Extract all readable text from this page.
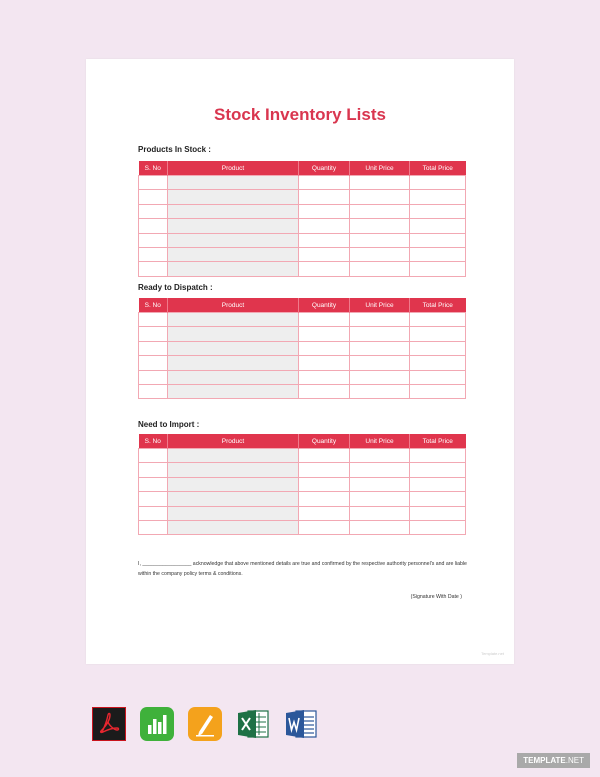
Stock Inventory Lists
Products In Stock :
S. No	Product	Quantity	Unit Price	Total Price

Ready to Dispatch :
S. No	Product	Quantity	Unit Price	Total Price

Need to Import :
S. No	Product	Quantity	Unit Price	Total Price

I, _________________ acknowledge that above mentioned details are true and confirmed by the respective authority personnel's and are liable within the company policy terms & conditions.
(Signature With Date )
Template.net
TEMPLATE.NET
